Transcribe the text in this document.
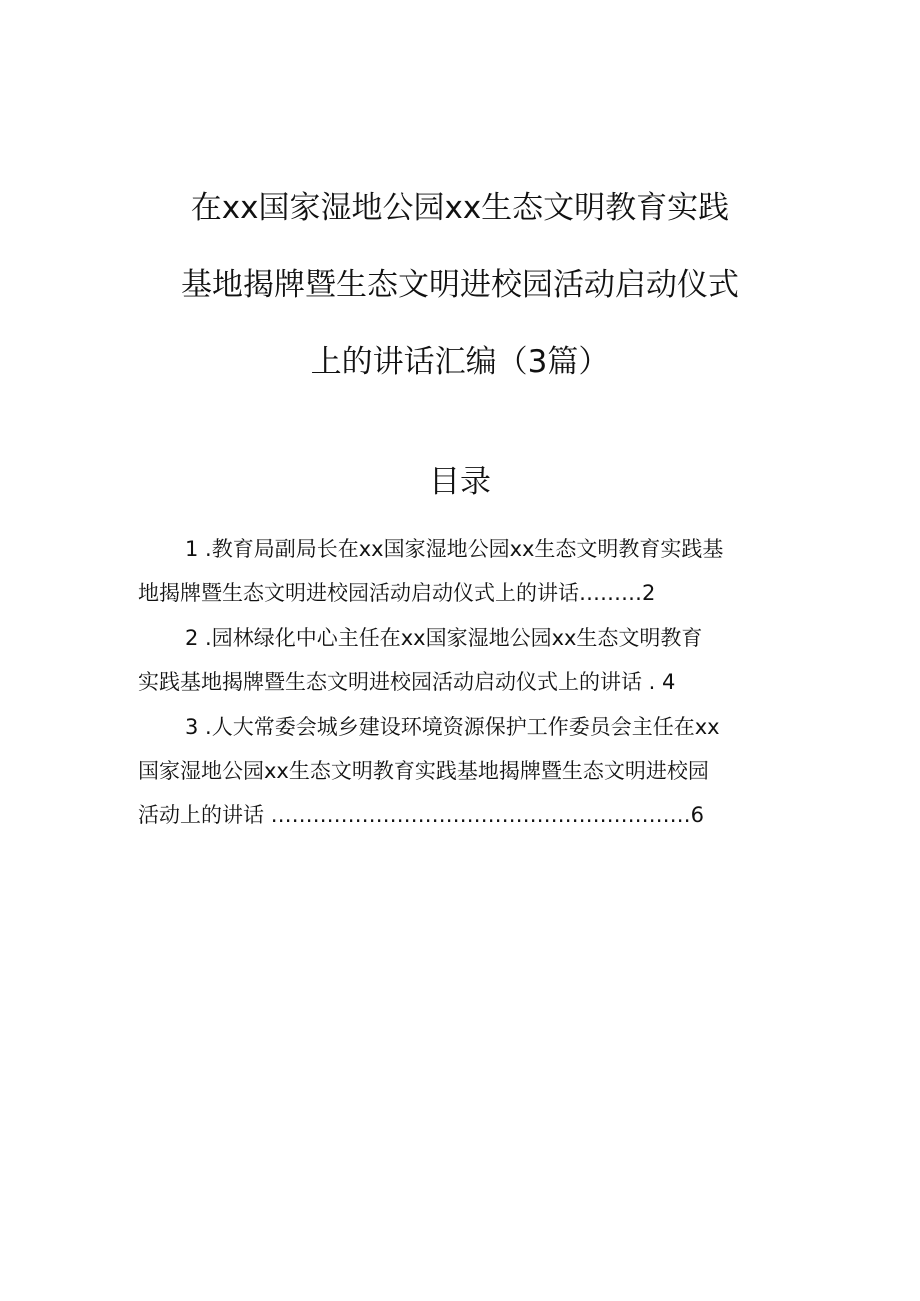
在xx国家湿地公园xx生态文明教育实践
基地揭牌暨生态文明进校园活动启动仪式
上的讲话汇编（3篇）
目录
1 .教育局副局长在xx国家湿地公园xx生态文明教育实践基
地揭牌暨生态文明进校园活动启动仪式上的讲话………2
2 .园林绿化中心主任在xx国家湿地公园xx生态文明教育
实践基地揭牌暨生态文明进校园活动启动仪式上的讲话 . 4
3 .人大常委会城乡建设环境资源保护工作委员会主任在xx
国家湿地公园xx生态文明教育实践基地揭牌暨生态文明进校园
活动上的讲话 ……………………………………………………6
